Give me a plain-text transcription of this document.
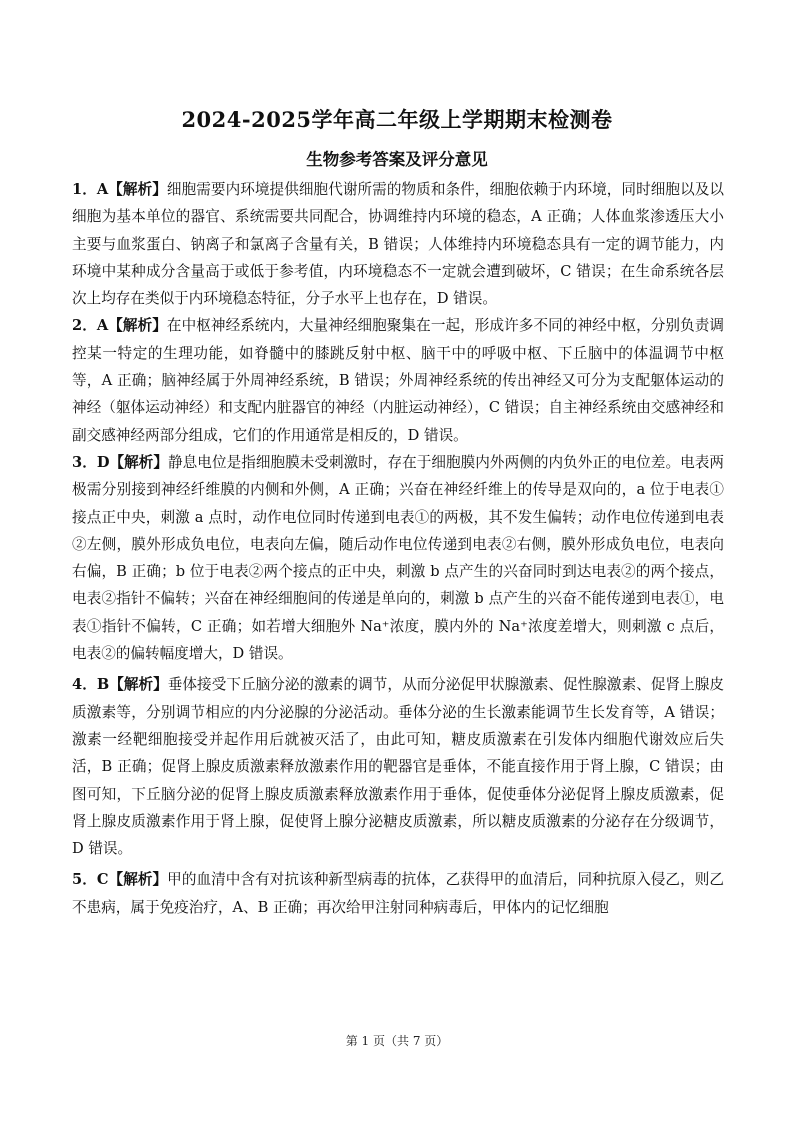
2024-2025学年高二年级上学期期末检测卷
生物参考答案及评分意见

1．A【解析】细胞需要内环境提供细胞代谢所需的物质和条件，细胞依赖于内环境，同时细胞以及以细胞为基本单位的器官、系统需要共同配合，协调维持内环境的稳态，A 正确；人体血浆渗透压大小主要与血浆蛋白、钠离子和氯离子含量有关，B 错误；人体维持内环境稳态具有一定的调节能力，内环境中某种成分含量高于或低于参考值，内环境稳态不一定就会遭到破坏，C 错误；在生命系统各层次上均存在类似于内环境稳态特征，分子水平上也存在，D 错误。

2．A【解析】在中枢神经系统内，大量神经细胞聚集在一起，形成许多不同的神经中枢，分别负责调控某一特定的生理功能，如脊髓中的膝跳反射中枢、脑干中的呼吸中枢、下丘脑中的体温调节中枢等，A 正确；脑神经属于外周神经系统，B 错误；外周神经系统的传出神经又可分为支配躯体运动的神经（躯体运动神经）和支配内脏器官的神经（内脏运动神经），C 错误；自主神经系统由交感神经和副交感神经两部分组成，它们的作用通常是相反的，D 错误。

3．D【解析】静息电位是指细胞膜未受刺激时，存在于细胞膜内外两侧的内负外正的电位差。电表两极需分别接到神经纤维膜的内侧和外侧，A 正确；兴奋在神经纤维上的传导是双向的，a 位于电表①接点正中央，刺激 a 点时，动作电位同时传递到电表①的两极，其不发生偏转；动作电位传递到电表②左侧，膜外形成负电位，电表向左偏，随后动作电位传递到电表②右侧，膜外形成负电位，电表向右偏，B 正确；b 位于电表②两个接点的正中央，刺激 b 点产生的兴奋同时到达电表②的两个接点，电表②指针不偏转；兴奋在神经细胞间的传递是单向的，刺激 b 点产生的兴奋不能传递到电表①，电表①指针不偏转，C 正确；如若增大细胞外 Na⁺浓度，膜内外的 Na⁺浓度差增大，则刺激 c 点后，电表②的偏转幅度增大，D 错误。

4．B【解析】垂体接受下丘脑分泌的激素的调节，从而分泌促甲状腺激素、促性腺激素、促肾上腺皮质激素等，分别调节相应的内分泌腺的分泌活动。垂体分泌的生长激素能调节生长发育等，A 错误；激素一经靶细胞接受并起作用后就被灭活了，由此可知，糖皮质激素在引发体内细胞代谢效应后失活，B 正确；促肾上腺皮质激素释放激素作用的靶器官是垂体，不能直接作用于肾上腺，C 错误；由图可知，下丘脑分泌的促肾上腺皮质激素释放激素作用于垂体，促使垂体分泌促肾上腺皮质激素，促肾上腺皮质激素作用于肾上腺，促使肾上腺分泌糖皮质激素，所以糖皮质激素的分泌存在分级调节，D 错误。

5．C【解析】甲的血清中含有对抗该种新型病毒的抗体，乙获得甲的血清后，同种抗原入侵乙，则乙不患病，属于免疫治疗，A、B 正确；再次给甲注射同种病毒后，甲体内的记忆细胞

第 1 页（共 7 页）
